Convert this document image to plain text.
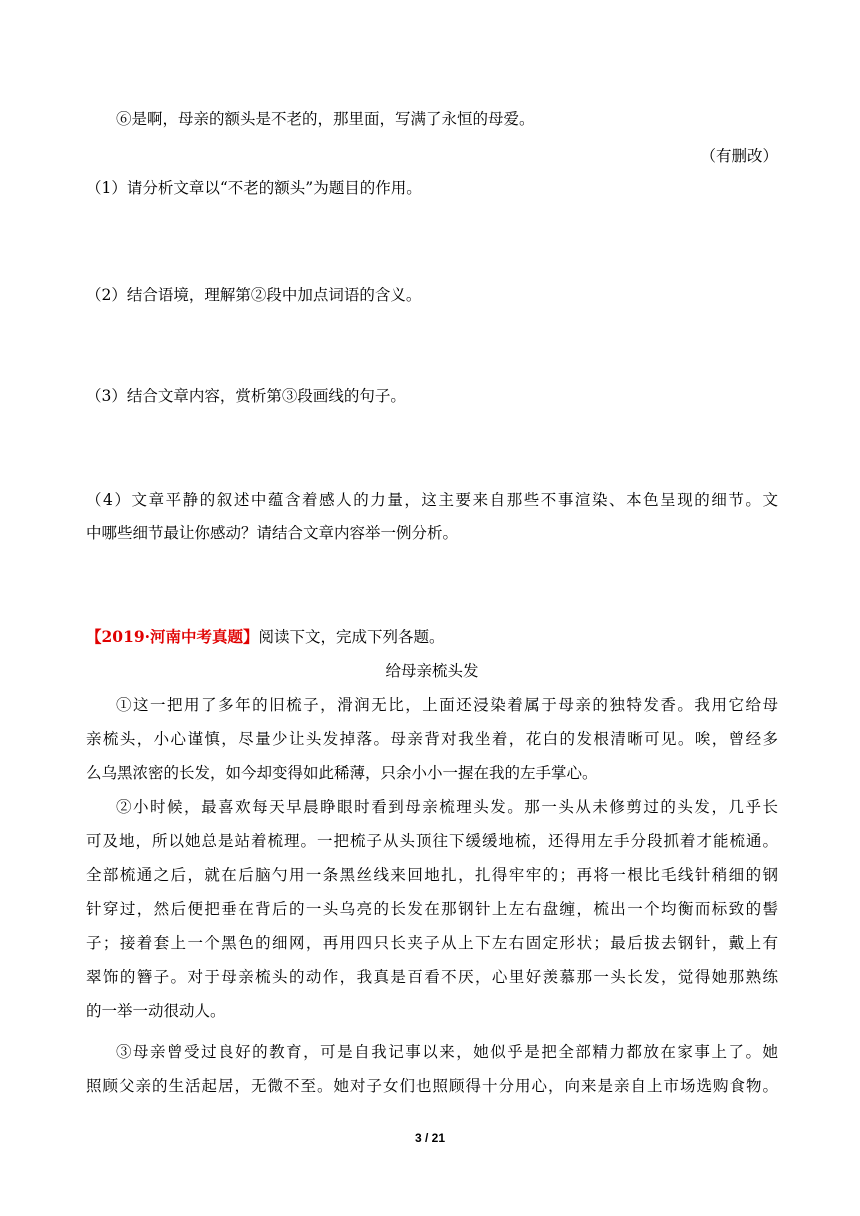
⑥是啊，母亲的额头是不老的，那里面，写满了永恒的母爱。
（有删改）
（1）请分析文章以“不老的额头”为题目的作用。
（2）结合语境，理解第②段中加点词语的含义。
（3）结合文章内容，赏析第③段画线的句子。
（4）文章平静的叙述中蕴含着感人的力量，这主要来自那些不事渲染、本色呈现的细节。文
中哪些细节最让你感动？请结合文章内容举一例分析。
【2019·河南中考真题】阅读下文，完成下列各题。
给母亲梳头发
①这一把用了多年的旧梳子，滑润无比，上面还浸染着属于母亲的独特发香。我用它给母
亲梳头，小心谨慎，尽量少让头发掉落。母亲背对我坐着，花白的发根清晰可见。唉，曾经多
么乌黑浓密的长发，如今却变得如此稀薄，只余小小一握在我的左手掌心。
②小时候，最喜欢每天早晨睁眼时看到母亲梳理头发。那一头从未修剪过的头发，几乎长
可及地，所以她总是站着梳理。一把梳子从头顶往下缓缓地梳，还得用左手分段抓着才能梳通。
全部梳通之后，就在后脑勺用一条黑丝线来回地扎，扎得牢牢的；再将一根比毛线针稍细的钢
针穿过，然后便把垂在背后的一头乌亮的长发在那钢针上左右盘缠，梳出一个均衡而标致的髻
子；接着套上一个黑色的细网，再用四只长夹子从上下左右固定形状；最后拔去钢针，戴上有
翠饰的簪子。对于母亲梳头的动作，我真是百看不厌，心里好羡慕那一头长发，觉得她那熟练
的一举一动很动人。
③母亲曾受过良好的教育，可是自我记事以来，她似乎是把全部精力都放在家事上了。她
照顾父亲的生活起居，无微不至。她对子女们也照顾得十分用心，向来是亲自上市场选购食物。
3 / 21
